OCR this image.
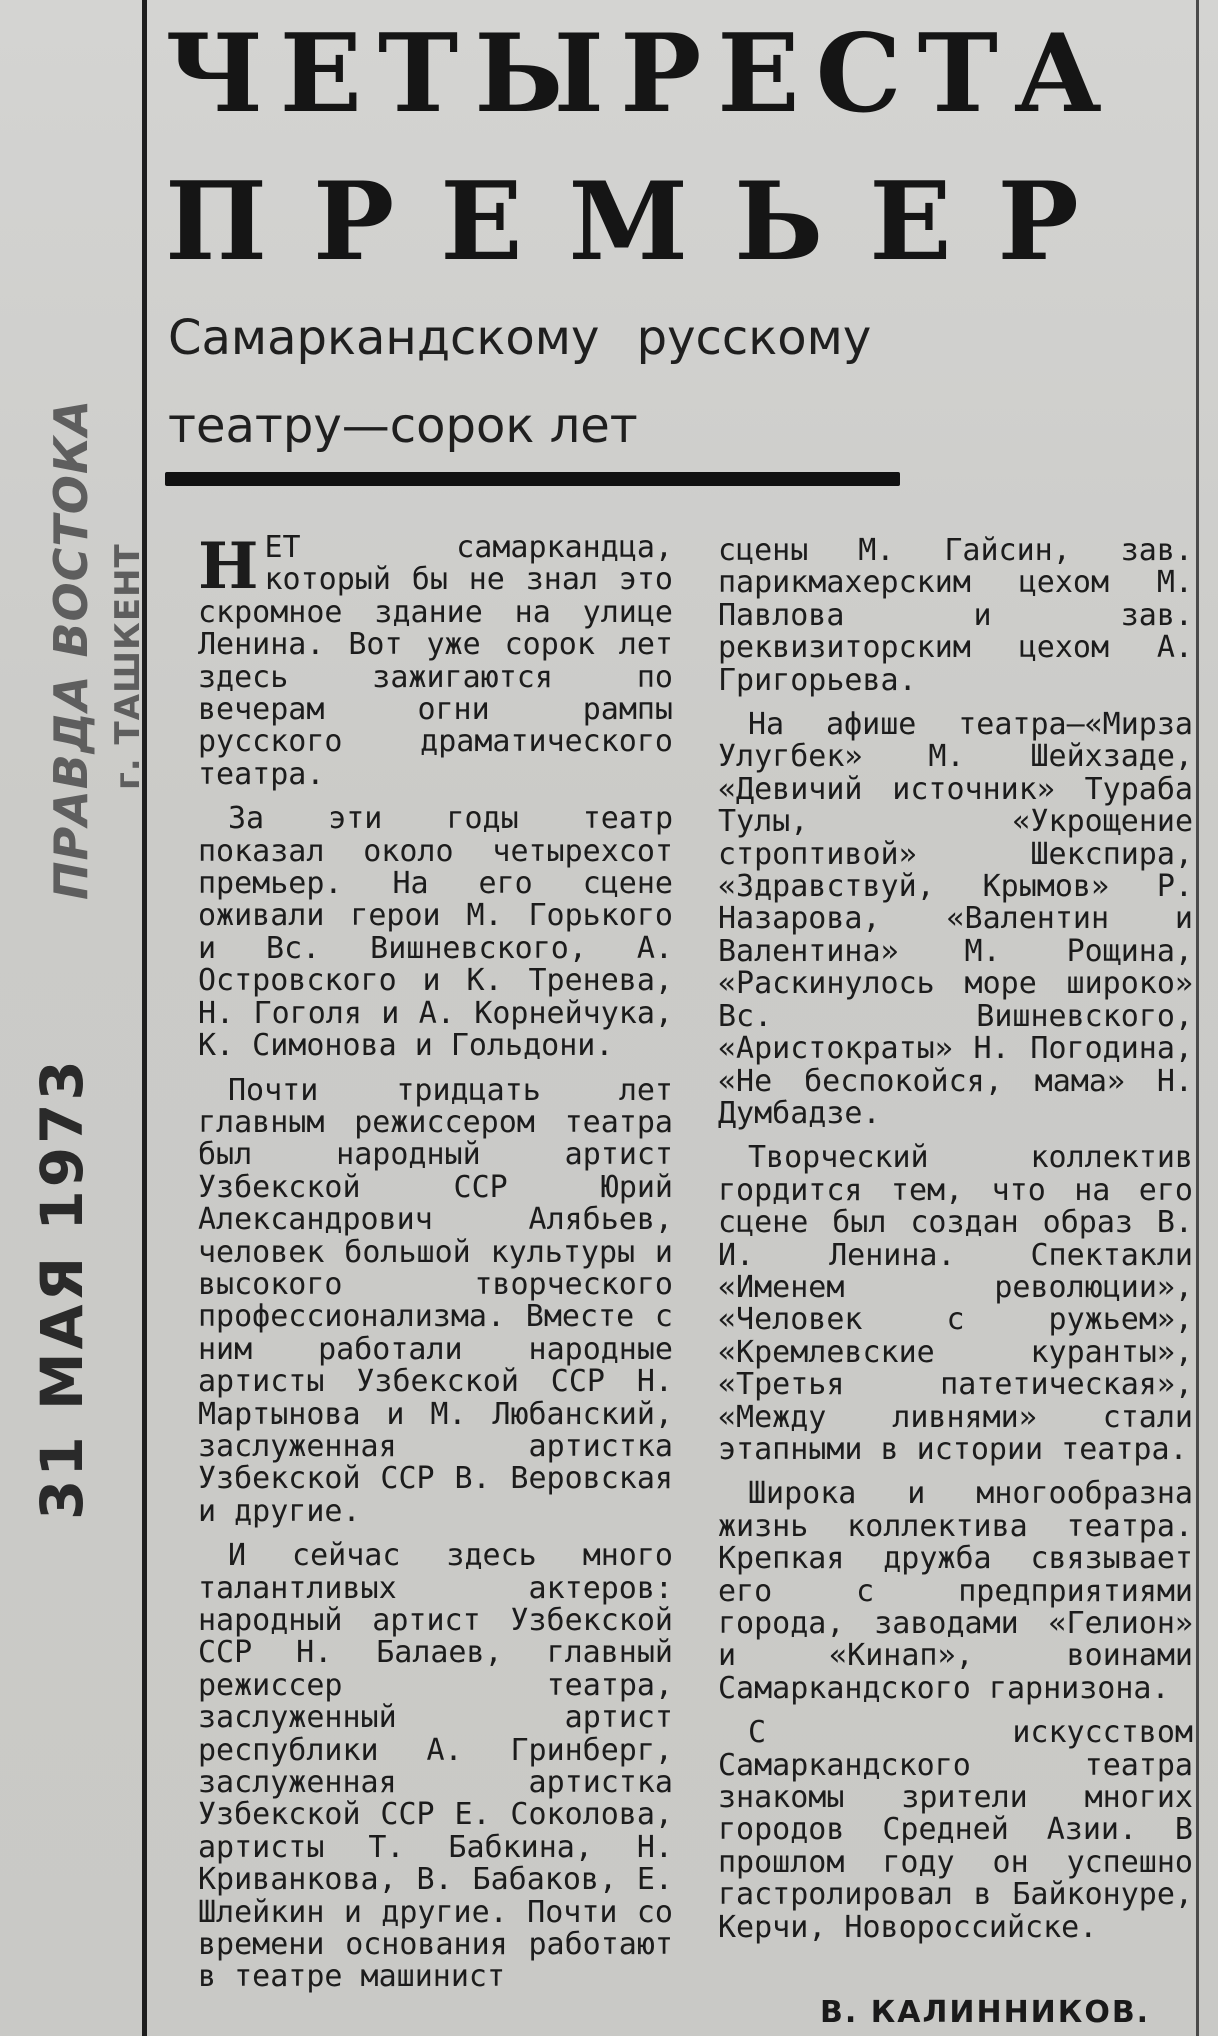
ПРАВДА ВОСТОКА г. ТАШКЕНТ
31 МАЯ 1973
ЧЕТЫРЕСТА
ПРЕМЬЕР
Самаркандскому русскому
театру—сорок лет

НЕТ самаркандца, который бы не знал это скромное здание на улице Ленина. Вот уже сорок лет здесь зажигаются по вечерам огни рампы русского драматического театра.

За эти годы театр показал около четырехсот премьер. На его сцене оживали герои М. Горького и Вс. Вишневского, А. Островского и К. Тренева, Н. Гоголя и А. Корнейчука, К. Симонова и Гольдони.

Почти тридцать лет главным режиссером театра был народный артист Узбекской ССР Юрий Александрович Алябьев, человек большой культуры и высокого творческого профессионализма. Вместе с ним работали народные артисты Узбекской ССР Н. Мартынова и М. Любанский, заслуженная артистка Узбекской ССР В. Веровская и другие.

И сейчас здесь много талантливых актеров: народный артист Узбекской ССР Н. Балаев, главный режиссер театра, заслуженный артист республики А. Гринберг, заслуженная артистка Узбекской ССР Е. Соколова, артисты Т. Бабкина, Н. Криванкова, В. Бабаков, Е. Шлейкин и другие. Почти со времени основания работают в театре машинист

сцены М. Гайсин, зав. парикмахерским цехом М. Павлова и зав. реквизиторским цехом А. Григорьева.

На афише театра—«Мирза Улугбек» М. Шейхзаде, «Девичий источник» Тураба Тулы, «Укрощение строптивой» Шекспира, «Здравствуй, Крымов» Р. Назарова, «Валентин и Валентина» М. Рощина, «Раскинулось море широко» Вс. Вишневского, «Аристократы» Н. Погодина, «Не беспокойся, мама» Н. Думбадзе.

Творческий коллектив гордится тем, что на его сцене был создан образ В. И. Ленина. Спектакли «Именем революции», «Человек с ружьем», «Кремлевские куранты», «Третья патетическая», «Между ливнями» стали этапными в истории театра.

Широка и многообразна жизнь коллектива театра. Крепкая дружба связывает его с предприятиями города, заводами «Гелион» и «Кинап», воинами Самаркандского гарнизона.

С искусством Самаркандского театра знакомы зрители многих городов Средней Азии. В прошлом году он успешно гастролировал в Байконуре, Керчи, Новороссийске.

В. КАЛИННИКОВ.
